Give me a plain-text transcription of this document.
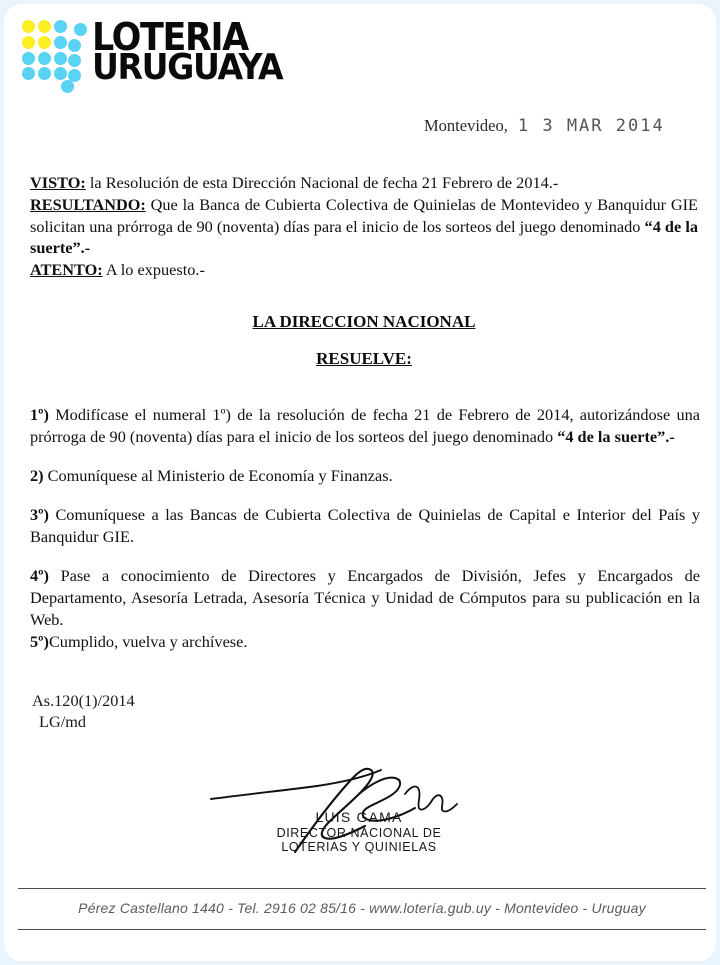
LOTERIA
URUGUAYA
Montevideo, 1 3 MAR 2014

VISTO: la Resolución de esta Dirección Nacional de fecha 21 Febrero de 2014.-

RESULTANDO: Que la Banca de Cubierta Colectiva de Quinielas de Montevideo y Banquidur GIE solicitan una prórroga de 90 (noventa) días para el inicio de los sorteos del juego denominado “4 de la suerte”.-

ATENTO: A lo expuesto.-

LA DIRECCION NACIONAL
RESUELVE:
1º) Modifícase el numeral 1º) de la resolución de fecha 21 de Febrero de 2014, autorizándose una prórroga de 90 (noventa) días para el inicio de los sorteos del juego denominado “4 de la suerte”.-
2) Comuníquese al Ministerio de Economía y Finanzas.
3º) Comuníquese a las Bancas de Cubierta Colectiva de Quinielas de Capital e Interior del País y Banquidur GIE.
4º) Pase a conocimiento de Directores y Encargados de División, Jefes y Encargados de Departamento, Asesoría Letrada, Asesoría Técnica y Unidad de Cómputos para su publicación en la Web.
5º)Cumplido, vuelva y archívese.
As.120(1)/2014
LG/md
LUIS GAMA
DIRECTOR NACIONAL DE
LOTERIAS Y QUINIELAS
Pérez Castellano 1440 - Tel. 2916 02 85/16 - www.lotería.gub.uy - Montevideo - Uruguay
